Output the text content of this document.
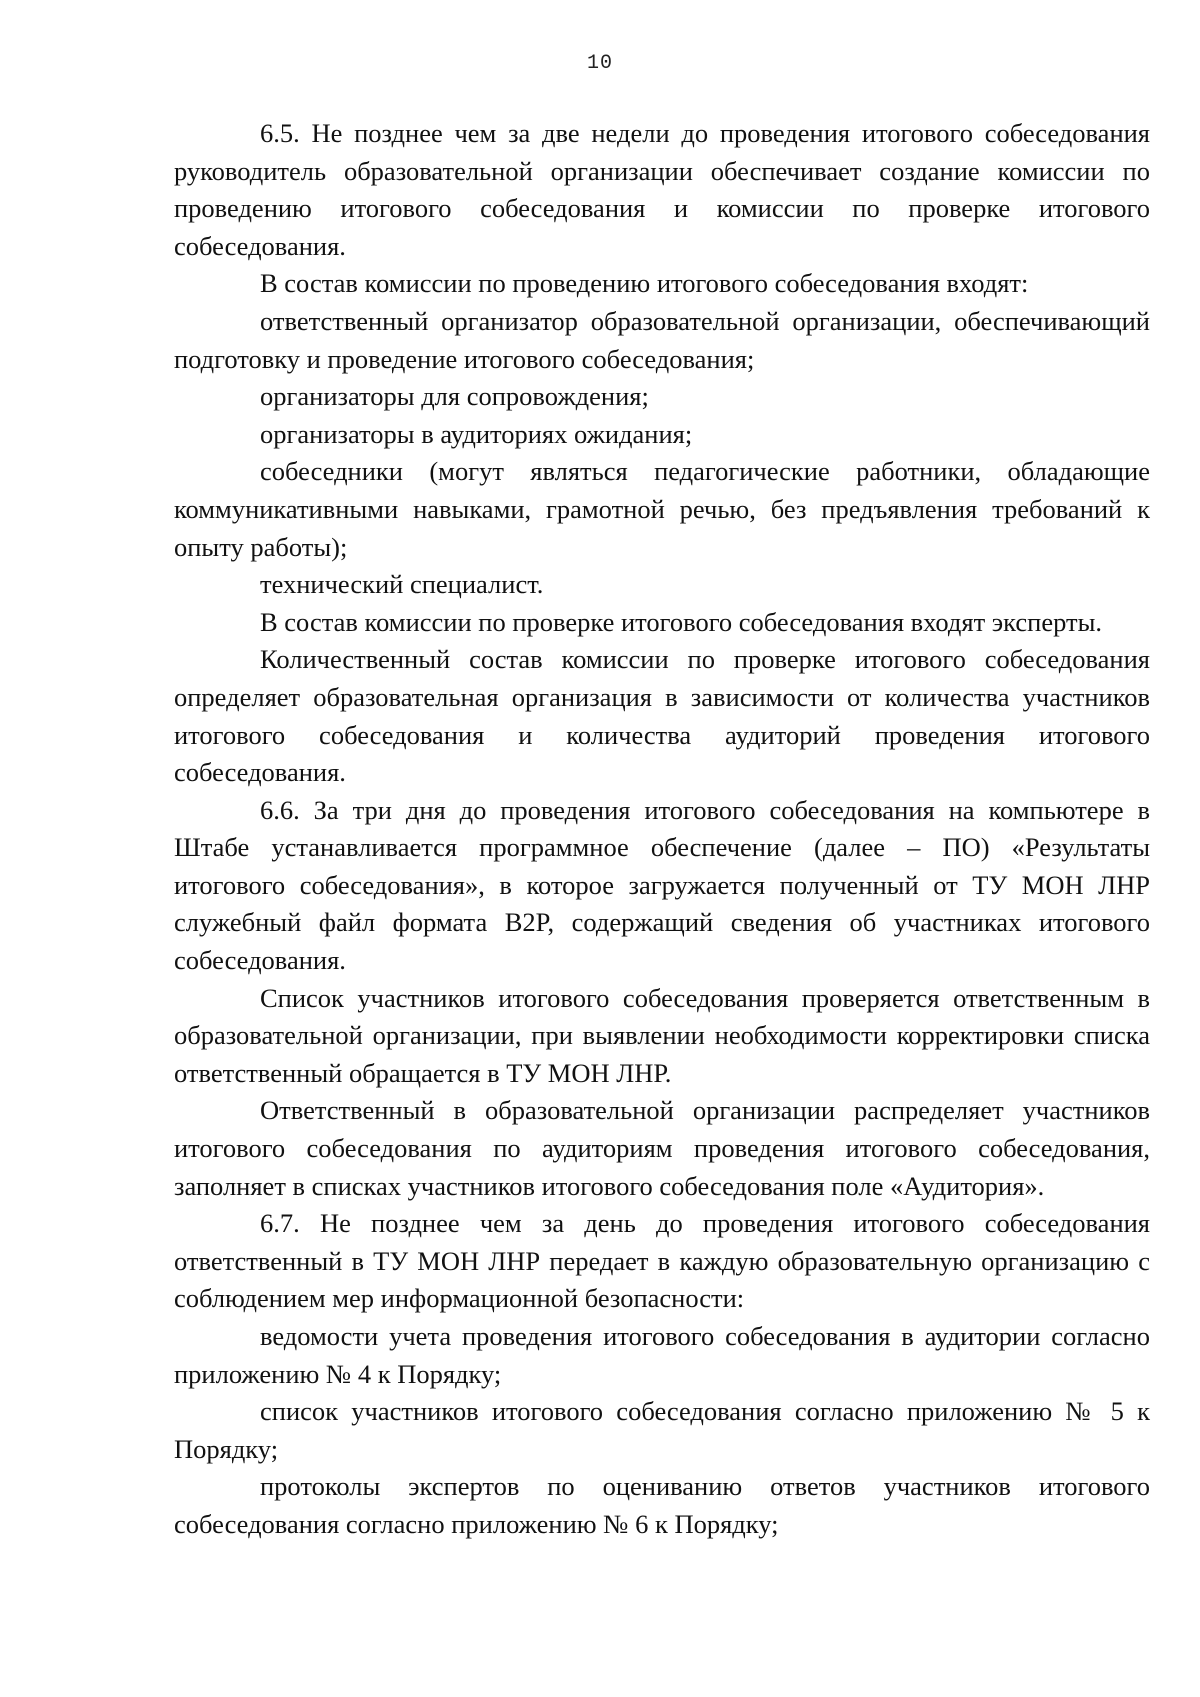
10

6.5. Не позднее чем за две недели до проведения итогового собеседования руководитель образовательной организации обеспечивает создание комиссии по проведению итогового собеседования и комиссии по проверке итогового собеседования.

В состав комиссии по проведению итогового собеседования входят:

ответственный организатор образовательной организации, обеспечивающий подготовку и проведение итогового собеседования;

организаторы для сопровождения;

организаторы в аудиториях ожидания;

собеседники (могут являться педагогические работники, обладающие коммуникативными навыками, грамотной речью, без предъявления требований к опыту работы);

технический специалист.

В состав комиссии по проверке итогового собеседования входят эксперты.

Количественный состав комиссии по проверке итогового собеседования определяет образовательная организация в зависимости от количества участников итогового собеседования и количества аудиторий проведения итогового собеседования.

6.6. За три дня до проведения итогового собеседования на компьютере в Штабе устанавливается программное обеспечение (далее – ПО) «Результаты итогового собеседования», в которое загружается полученный от ТУ МОН ЛНР служебный файл формата B2P, содержащий сведения об участниках итогового собеседования.

Список участников итогового собеседования проверяется ответственным в образовательной организации, при выявлении необходимости корректировки списка ответственный обращается в ТУ МОН ЛНР.

Ответственный в образовательной организации распределяет участников итогового собеседования по аудиториям проведения итогового собеседования, заполняет в списках участников итогового собеседования поле «Аудитория».

6.7. Не позднее чем за день до проведения итогового собеседования ответственный в ТУ МОН ЛНР передает в каждую образовательную организацию с соблюдением мер информационной безопасности:

ведомости учета проведения итогового собеседования в аудитории согласно приложению № 4 к Порядку;

список участников итогового собеседования согласно приложению № 5 к Порядку;

протоколы экспертов по оцениванию ответов участников итогового собеседования согласно приложению № 6 к Порядку;
